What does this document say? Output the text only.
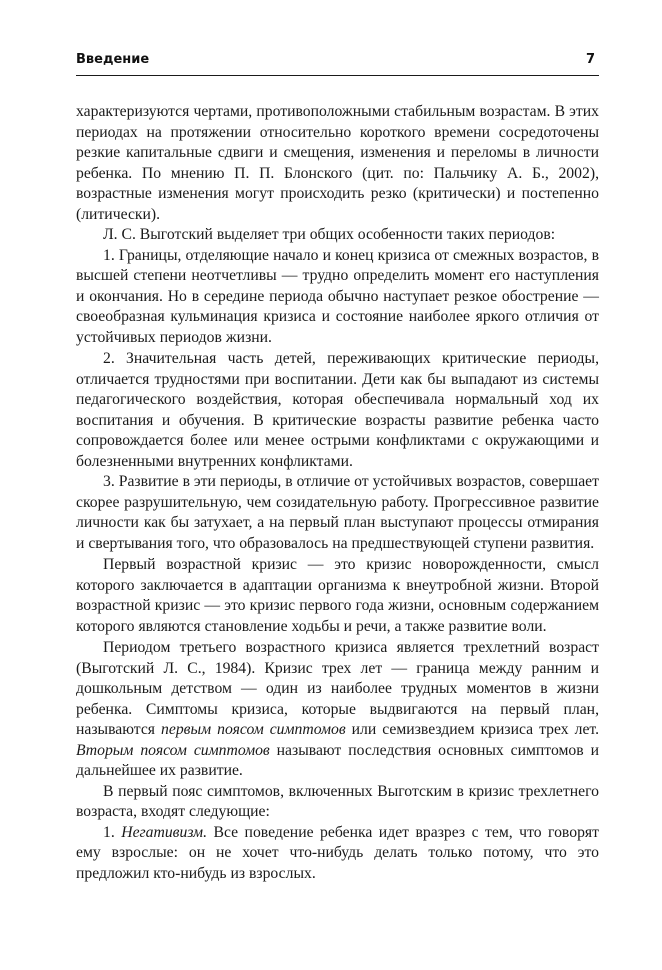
Введение	7

характеризуются чертами, противоположными стабильным возрастам. В этих периодах на протяжении относительно короткого времени сосредоточены резкие капитальные сдвиги и смещения, изменения и переломы в личности ребенка. По мнению П. П. Блонского (цит. по: Пальчику А. Б., 2002), возрастные изменения могут происходить резко (критически) и постепенно (литически).

Л. С. Выготский выделяет три общих особенности таких периодов:

1. Границы, отделяющие начало и конец кризиса от смежных возрастов, в высшей степени неотчетливы — трудно определить момент его наступления и окончания. Но в середине периода обычно наступает резкое обострение — своеобразная кульминация кризиса и состояние наиболее яркого отличия от устойчивых периодов жизни.

2. Значительная часть детей, переживающих критические периоды, отличается трудностями при воспитании. Дети как бы выпадают из системы педагогического воздействия, которая обеспечивала нормальный ход их воспитания и обучения. В критические возрасты развитие ребенка часто сопровождается более или менее острыми конфликтами с окружающими и болезненными внутренних конфликтами.

3. Развитие в эти периоды, в отличие от устойчивых возрастов, совершает скорее разрушительную, чем созидательную работу. Прогрессивное развитие личности как бы затухает, а на первый план выступают процессы отмирания и свертывания того, что образовалось на предшествующей ступени развития.

Первый возрастной кризис — это кризис новорожденности, смысл которого заключается в адаптации организма к внеутробной жизни. Второй возрастной кризис — это кризис первого года жизни, основным содержанием которого являются становление ходьбы и речи, а также развитие воли.

Периодом третьего возрастного кризиса является трехлетний возраст (Выготский Л. С., 1984). Кризис трех лет — граница между ранним и дошкольным детством — один из наиболее трудных моментов в жизни ребенка. Симптомы кризиса, которые выдвигаются на первый план, называются первым поясом симптомов или семизвездием кризиса трех лет. Вторым поясом симптомов называют последствия основных симптомов и дальнейшее их развитие.

В первый пояс симптомов, включенных Выготским в кризис трехлетнего возраста, входят следующие:

1. Негативизм. Все поведение ребенка идет вразрез с тем, что говорят ему взрослые: он не хочет что-нибудь делать только потому, что это предложил кто-нибудь из взрослых.
